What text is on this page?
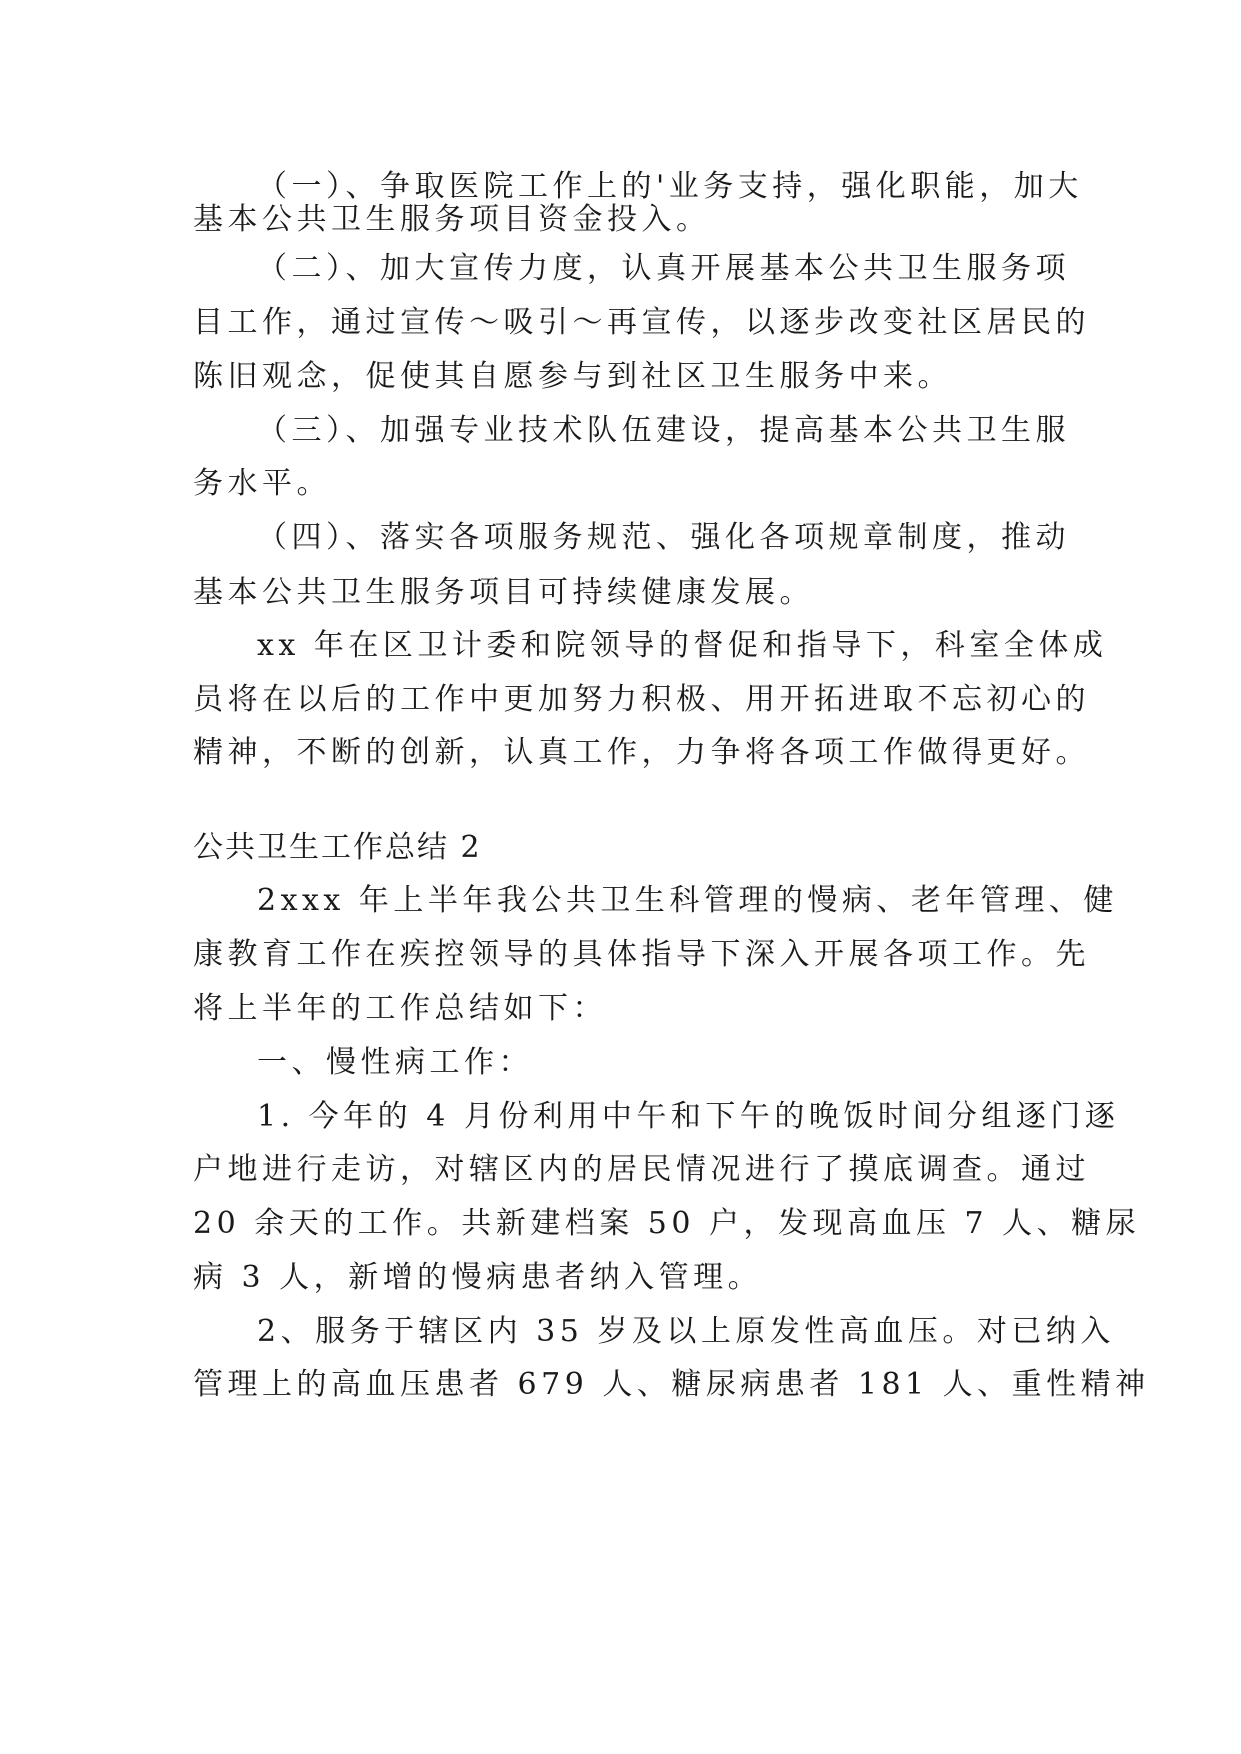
（一）、争取医院工作上的'业务支持，强化职能，加大
基本公共卫生服务项目资金投入。
（二）、加大宣传力度，认真开展基本公共卫生服务项
目工作，通过宣传～吸引～再宣传，以逐步改变社区居民的
陈旧观念，促使其自愿参与到社区卫生服务中来。
（三）、加强专业技术队伍建设，提高基本公共卫生服
务水平。
（四）、落实各项服务规范、强化各项规章制度，推动
基本公共卫生服务项目可持续健康发展。
xx 年在区卫计委和院领导的督促和指导下，科室全体成
员将在以后的工作中更加努力积极、用开拓进取不忘初心的
精神，不断的创新，认真工作，力争将各项工作做得更好。
公共卫生工作总结 2
2xxx 年上半年我公共卫生科管理的慢病、老年管理、健
康教育工作在疾控领导的具体指导下深入开展各项工作。先
将上半年的工作总结如下：
一、慢性病工作：
1. 今年的 4 月份利用中午和下午的晚饭时间分组逐门逐
户地进行走访，对辖区内的居民情况进行了摸底调查。通过
20 余天的工作。共新建档案 50 户，发现高血压 7 人、糖尿
病 3 人，新增的慢病患者纳入管理。
2、服务于辖区内 35 岁及以上原发性高血压。对已纳入
管理上的高血压患者 679 人、糖尿病患者 181 人、重性精神
